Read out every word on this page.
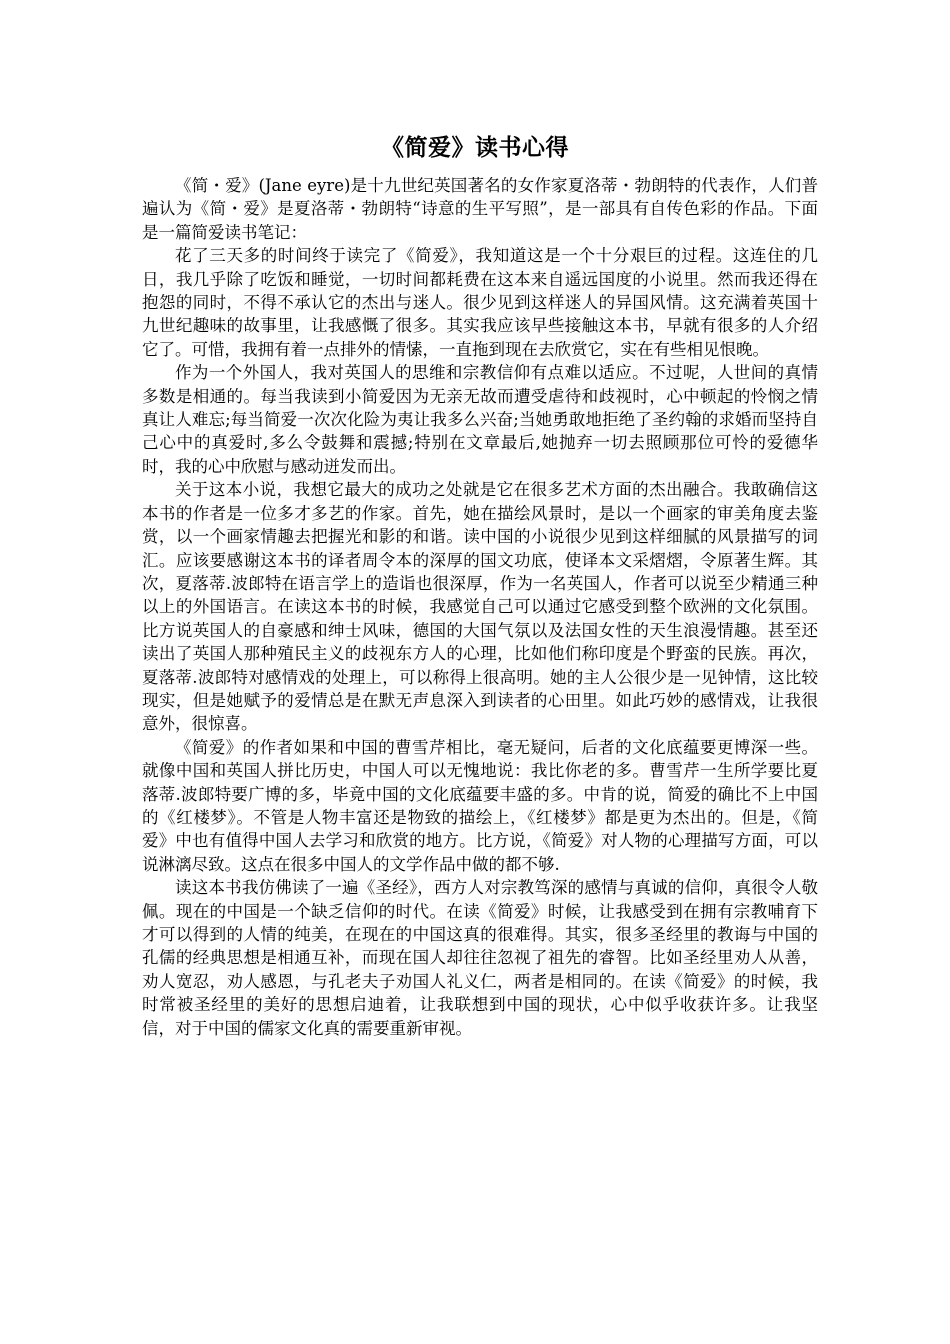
《简爱》读书心得

《简・爱》(Jane eyre)是十九世纪英国著名的女作家夏洛蒂・勃朗特的代表作，人们普遍认为《简・爱》是夏洛蒂・勃朗特“诗意的生平写照”，是一部具有自传色彩的作品。下面是一篇简爱读书笔记：

花了三天多的时间终于读完了《简爱》，我知道这是一个十分艰巨的过程。这连住的几日，我几乎除了吃饭和睡觉，一切时间都耗费在这本来自遥远国度的小说里。然而我还得在抱怨的同时，不得不承认它的杰出与迷人。很少见到这样迷人的异国风情。这充满着英国十九世纪趣味的故事里，让我感慨了很多。其实我应该早些接触这本书，早就有很多的人介绍它了。可惜，我拥有着一点排外的情愫，一直拖到现在去欣赏它，实在有些相见恨晚。

作为一个外国人，我对英国人的思维和宗教信仰有点难以适应。不过呢，人世间的真情多数是相通的。每当我读到小简爱因为无亲无故而遭受虐待和歧视时，心中顿起的怜悯之情真让人难忘;每当简爱一次次化险为夷让我多么兴奋;当她勇敢地拒绝了圣约翰的求婚而坚持自己心中的真爱时,多么令鼓舞和震撼;特别在文章最后,她抛弃一切去照顾那位可怜的爱德华时，我的心中欣慰与感动迸发而出。

关于这本小说，我想它最大的成功之处就是它在很多艺术方面的杰出融合。我敢确信这本书的作者是一位多才多艺的作家。首先，她在描绘风景时，是以一个画家的审美角度去鉴赏，以一个画家情趣去把握光和影的和谐。读中国的小说很少见到这样细腻的风景描写的词汇。应该要感谢这本书的译者周令本的深厚的国文功底，使译本文采熠熠，令原著生辉。其次，夏落蒂.波郎特在语言学上的造诣也很深厚，作为一名英国人，作者可以说至少精通三种以上的外国语言。在读这本书的时候，我感觉自己可以通过它感受到整个欧洲的文化氛围。比方说英国人的自豪感和绅士风味，德国的大国气氛以及法国女性的天生浪漫情趣。甚至还读出了英国人那种殖民主义的歧视东方人的心理，比如他们称印度是个野蛮的民族。再次，夏落蒂.波郎特对感情戏的处理上，可以称得上很高明。她的主人公很少是一见钟情，这比较现实，但是她赋予的爱情总是在默无声息深入到读者的心田里。如此巧妙的感情戏，让我很意外，很惊喜。

《简爱》的作者如果和中国的曹雪芹相比，毫无疑问，后者的文化底蕴要更博深一些。就像中国和英国人拼比历史，中国人可以无愧地说：我比你老的多。曹雪芹一生所学要比夏落蒂.波郎特要广博的多，毕竟中国的文化底蕴要丰盛的多。中肯的说，简爱的确比不上中国的《红楼梦》。不管是人物丰富还是物致的描绘上，《红楼梦》都是更为杰出的。但是，《简爱》中也有值得中国人去学习和欣赏的地方。比方说，《简爱》对人物的心理描写方面，可以说淋漓尽致。这点在很多中国人的文学作品中做的都不够.

读这本书我仿佛读了一遍《圣经》，西方人对宗教笃深的感情与真诚的信仰，真很令人敬佩。现在的中国是一个缺乏信仰的时代。在读《简爱》时候，让我感受到在拥有宗教哺育下才可以得到的人情的纯美，在现在的中国这真的很难得。其实，很多圣经里的教诲与中国的孔儒的经典思想是相通互补，而现在国人却往往忽视了祖先的睿智。比如圣经里劝人从善，劝人宽忍，劝人感恩，与孔老夫子劝国人礼义仁，两者是相同的。在读《简爱》的时候，我时常被圣经里的美好的思想启迪着，让我联想到中国的现状，心中似乎收获许多。让我坚信，对于中国的儒家文化真的需要重新审视。
